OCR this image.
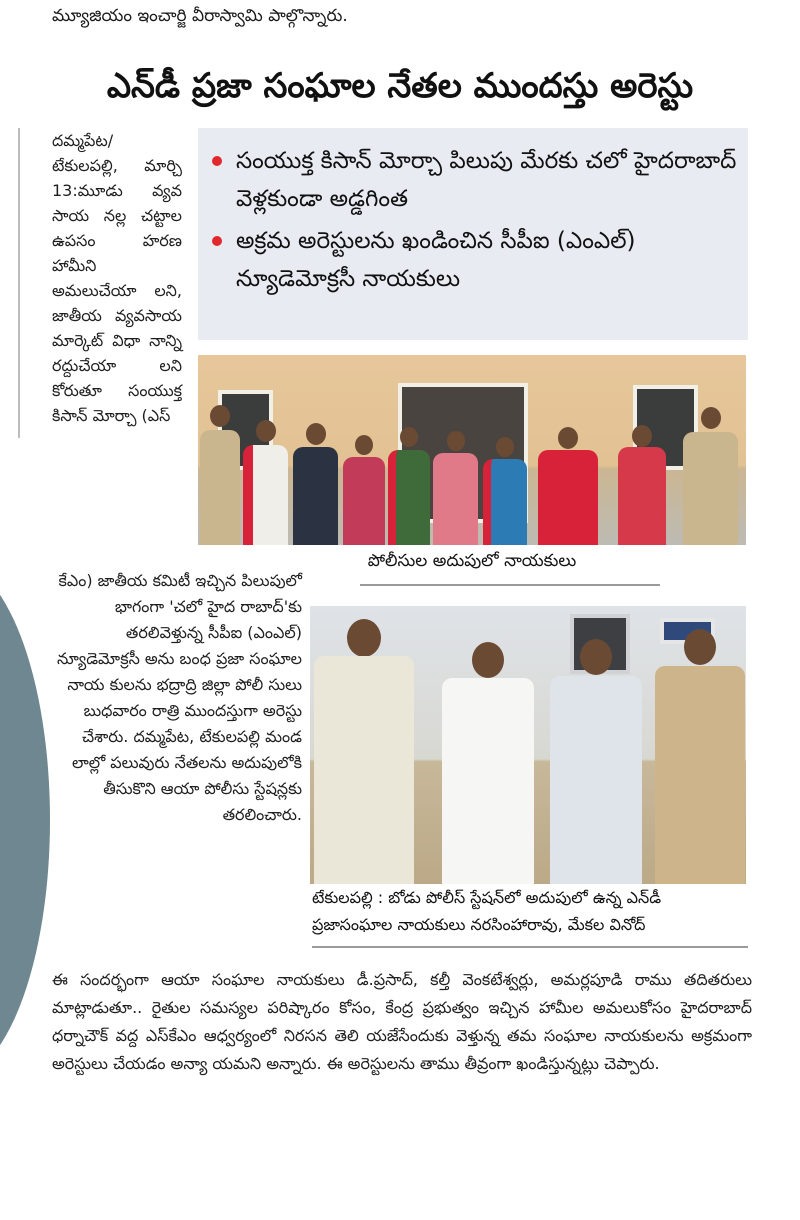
మ్యూజియం ఇంచార్జి వీరాస్వామి పాల్గొన్నారు.
ఎన్‌డీ ప్రజా సంఘాల నేతల ముందస్తు అరెస్టు
దమ్మపేట/ టేకులపల్లి, మార్చి 13:మూడు వ్యవ సాయ నల్ల చట్టాల ఉపసం హరణ హామీని అమలుచేయా లని, జాతీయ వ్యవసాయ మార్కెట్ విధా నాన్ని రద్దుచేయా లని కోరుతూ సంయుక్త కిసాన్ మోర్చా (ఎస్
సంయుక్త కిసాన్ మోర్చా పిలుపు మేరకు చలో హైదరాబాద్ వెళ్లకుండా అడ్డగింత
అక్రమ అరెస్టులను ఖండించిన సీపీఐ (ఎంఎల్) న్యూడెమోక్రసీ నాయకులు
పోలీసుల అదుపులో నాయకులు
టేకులపల్లి : బోడు పోలీస్ స్టేషన్‌లో అదుపులో ఉన్న ఎన్‌డీ
ప్రజాసంఘాల నాయకులు నరసింహారావు, మేకల వినోద్
కేఎం) జాతీయ కమిటీ ఇచ్చిన పిలుపులో భాగంగా 'చలో హైద రాబాద్'కు తరలివెళ్తున్న సీపీఐ (ఎంఎల్) న్యూడెమోక్రసీ అను బంధ ప్రజా సంఘాల నాయ కులను భద్రాద్రి జిల్లా పోలీ సులు బుధవారం రాత్రి ముందస్తుగా అరెస్టు చేశారు. దమ్మపేట, టేకులపల్లి మండ లాల్లో పలువురు నేతలను అదుపులోకి తీసుకొని ఆయా పోలీసు స్టేషన్లకు తరలించారు.
ఈ సందర్భంగా ఆయా సంఘాల నాయకులు డీ.ప్రసాద్, కల్తీ వెంకటేశ్వర్లు, అమర్లపూడి రాము తదితరులు మాట్లాడుతూ.. రైతుల సమస్యల పరిష్కారం కోసం, కేంద్ర ప్రభుత్వం ఇచ్చిన హామీల అమలుకోసం హైదరాబాద్ ధర్నాచౌక్ వద్ద ఎస్‌కేఎం ఆధ్వర్యంలో నిరసన తెలి యజేసేందుకు వెళ్తున్న తమ సంఘాల నాయకులను అక్రమంగా అరెస్టులు చేయడం అన్యా యమని అన్నారు. ఈ అరెస్టులను తాము తీవ్రంగా ఖండిస్తున్నట్లు చెప్పారు.
